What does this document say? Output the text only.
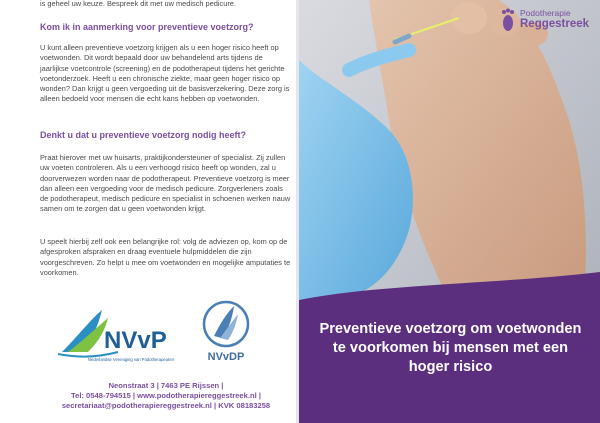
is geheel uw keuze. Bespreek dit met uw medisch pedicure.

Kom ik in aanmerking voor preventieve voetzorg?

U kunt alleen preventieve voetzorg krijgen als u een hoger risico heeft op voetwonden. Dit wordt bepaald door uw behandelend arts tijdens de jaarlijkse voetcontrole (screening) en de podotherapeut tijdens het gerichte voetonderzoek. Heeft u een chronische ziekte, maar geen hoger risico op wonden? Dan krijgt u geen vergoeding uit de basisverzekering. Deze zorg is alleen bedoeld voor mensen die echt kans hebben op voetwonden.

Denkt u dat u preventieve voetzorg nodig heeft?

Praat hierover met uw huisarts, praktijkondersteuner of specialist. Zij zullen uw voeten controleren. Als u een verhoogd risico heeft op wonden, zal u doorverwezen worden naar de podotherapeut. Preventieve voetzorg is meer dan alleen een vergoeding voor de medisch pedicure. Zorgverleners zoals de podotherapeut, medisch pedicure en specialist in schoenen werken nauw samen om te zorgen dat u geen voetwonden krijgt.

U speelt hierbij zelf ook een belangrijke rol: volg de adviezen op, kom op de afgesproken afspraken en draag eventuele hulpmiddelen die zijn voorgeschreven. Zo helpt u mee om voetwonden en mogelijke amputaties te voorkomen.

NVvP
Nederlandse Vereniging van Podotherapeuten	NVvDP
Neonstraat 3 | 7463 PE Rijssen |
Tel: 0548-794515 | www.podotherapiereggestreek.nl |
secretariaat@podotherapiereggestreek.nl | KVK 08183258
Preventieve voetzorg om voetwonden te voorkomen bij mensen met een hoger risico
Podotherapie
Reggestreek
